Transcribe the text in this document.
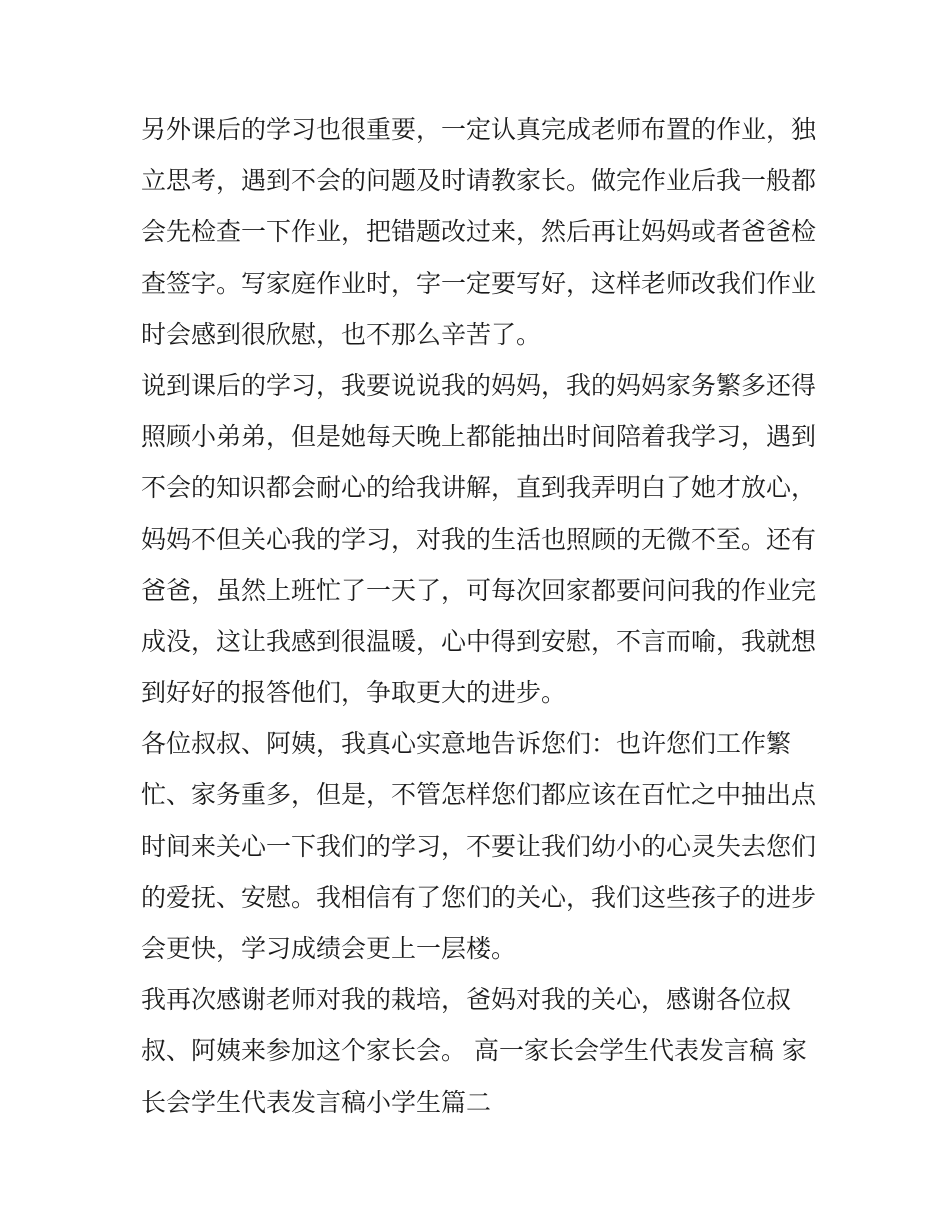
另外课后的学习也很重要，一定认真完成老师布置的作业，独
立思考，遇到不会的问题及时请教家长。做完作业后我一般都
会先检查一下作业，把错题改过来，然后再让妈妈或者爸爸检
查签字。写家庭作业时，字一定要写好，这样老师改我们作业
时会感到很欣慰，也不那么辛苦了。
说到课后的学习，我要说说我的妈妈，我的妈妈家务繁多还得
照顾小弟弟，但是她每天晚上都能抽出时间陪着我学习，遇到
不会的知识都会耐心的给我讲解，直到我弄明白了她才放心，
妈妈不但关心我的学习，对我的生活也照顾的无微不至。还有
爸爸，虽然上班忙了一天了，可每次回家都要问问我的作业完
成没，这让我感到很温暖，心中得到安慰，不言而喻，我就想
到好好的报答他们，争取更大的进步。
各位叔叔、阿姨，我真心实意地告诉您们：也许您们工作繁
忙、家务重多，但是，不管怎样您们都应该在百忙之中抽出点
时间来关心一下我们的学习，不要让我们幼小的心灵失去您们
的爱抚、安慰。我相信有了您们的关心，我们这些孩子的进步
会更快，学习成绩会更上一层楼。
我再次感谢老师对我的栽培，爸妈对我的关心，感谢各位叔
叔、阿姨来参加这个家长会。 高一家长会学生代表发言稿 家
长会学生代表发言稿小学生篇二
